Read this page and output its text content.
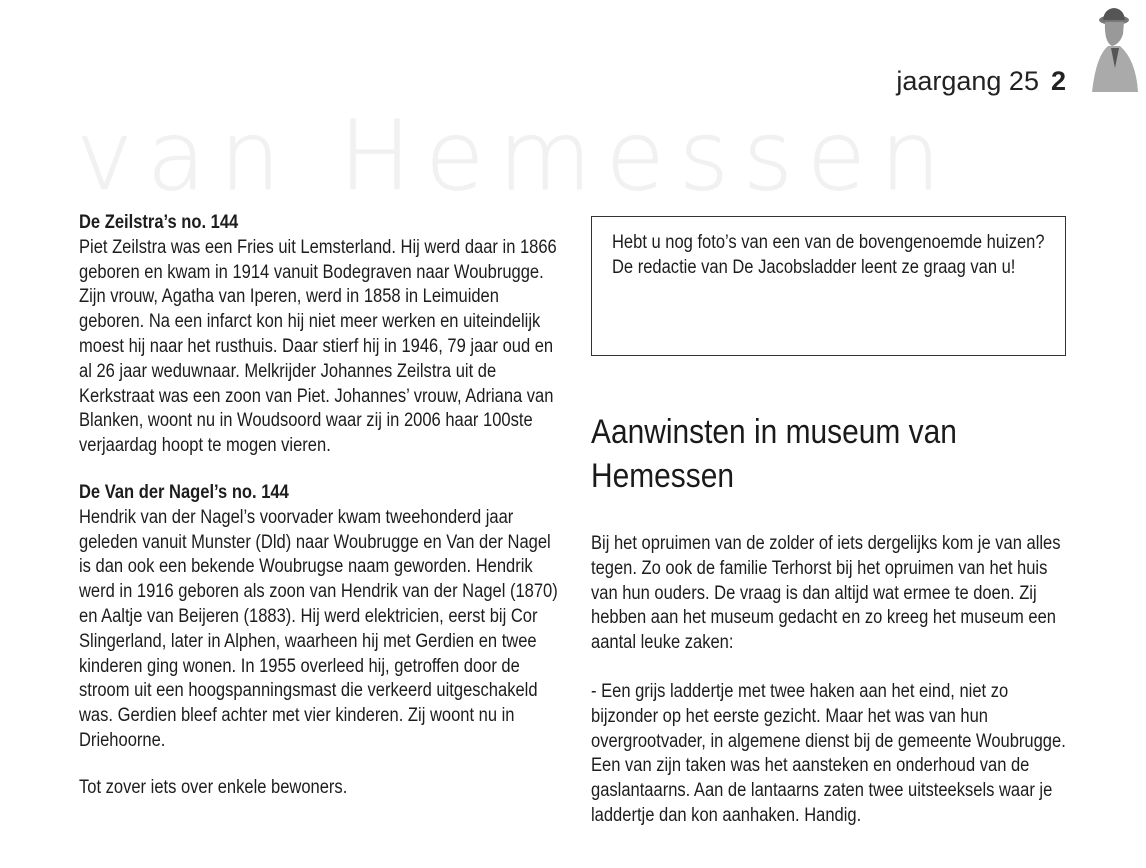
van Hemessen
jaargang 25 2

De Zeilstra’s no. 144

Piet Zeilstra was een Fries uit Lemsterland. Hij werd daar in 1866 geboren en kwam in 1914 vanuit Bodegraven naar Woubrugge. Zijn vrouw, Agatha van Iperen, werd in 1858 in Leimuiden geboren. Na een infarct kon hij niet meer werken en uiteindelijk moest hij naar het rusthuis. Daar stierf hij in 1946, 79 jaar oud en al 26 jaar weduwnaar. Melkrijder Johannes Zeilstra uit de Kerkstraat was een zoon van Piet. Johannes’ vrouw, Adriana van Blanken, woont nu in Woudsoord waar zij in 2006 haar 100ste verjaardag hoopt te mogen vieren.

De Van der Nagel’s no. 144

Hendrik van der Nagel’s voorvader kwam tweehonderd jaar geleden vanuit Munster (Dld) naar Woubrugge en Van der Nagel is dan ook een bekende Woubrugse naam geworden. Hendrik werd in 1916 geboren als zoon van Hendrik van der Nagel (1870) en Aaltje van Beijeren (1883). Hij werd elektricien, eerst bij Cor Slingerland, later in Alphen, waarheen hij met Gerdien en twee kinderen ging wonen. In 1955 overleed hij, getroffen door de stroom uit een hoogspanningsmast die verkeerd uitgeschakeld was. Gerdien bleef achter met vier kinderen. Zij woont nu in Driehoorne.

Tot zover iets over enkele bewoners.

Hebt u nog foto’s van een van de bovengenoemde huizen? De redactie van De Jacobsladder leent ze graag van u!

Aanwinsten in museum van Hemessen

Bij het opruimen van de zolder of iets dergelijks kom je van alles tegen. Zo ook de familie Terhorst bij het opruimen van het huis van hun ouders. De vraag is dan altijd wat ermee te doen. Zij hebben aan het museum gedacht en zo kreeg het museum een aantal leuke zaken:

- Een grijs laddertje met twee haken aan het eind, niet zo bijzonder op het eerste gezicht. Maar het was van hun overgrootvader, in algemene dienst bij de gemeente Woubrugge. Een van zijn taken was het aansteken en onderhoud van de gaslantaarns. Aan de lantaarns zaten twee uitsteeksels waar je laddertje dan kon aanhaken. Handig.
